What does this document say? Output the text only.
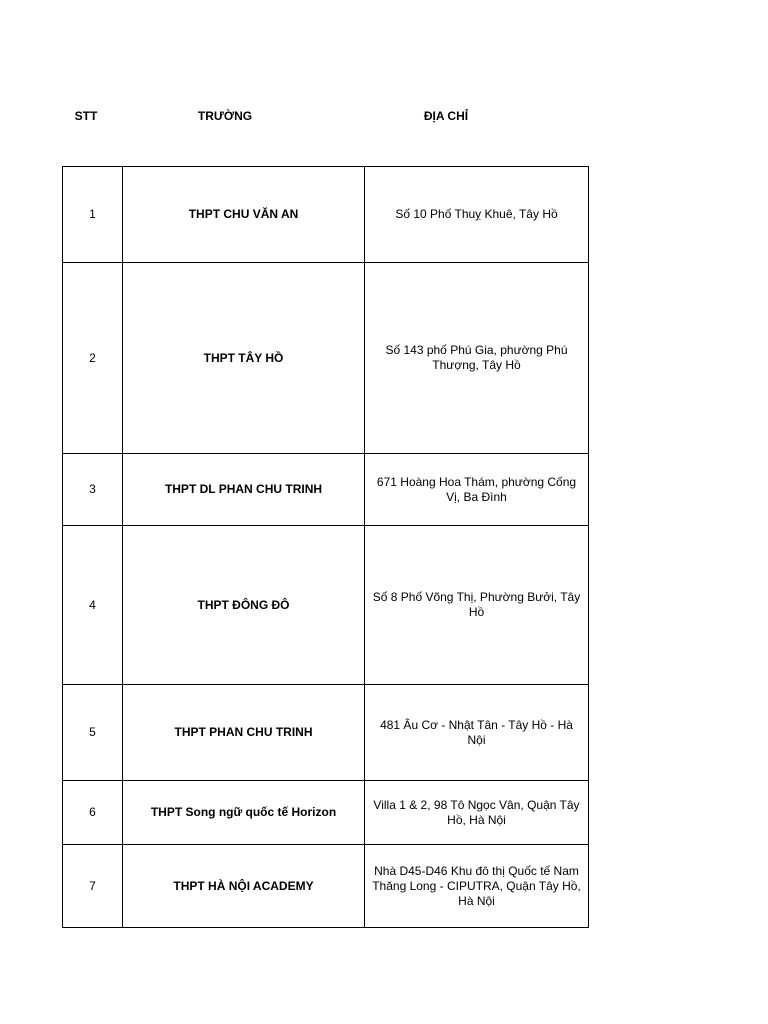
STT	TRƯỜNG	ĐỊA CHỈ
1	THPT CHU VĂN AN	Số 10 Phố Thuỵ Khuê, Tây Hồ
2	THPT TÂY HỒ	Số 143 phố Phú Gia, phường Phú Thượng, Tây Hồ
3	THPT DL PHAN CHU TRINH	671 Hoàng Hoa Thám, phường Cống Vị, Ba Đình
4	THPT ĐÔNG ĐÔ	Số 8 Phố Võng Thị, Phường Bưởi, Tây Hồ
5	THPT PHAN CHU TRINH	481 Âu Cơ - Nhật Tân - Tây Hồ - Hà Nội
6	THPT Song ngữ quốc tế Horizon	Villa 1 & 2, 98 Tô Ngọc Vân, Quận Tây Hồ, Hà Nội
7	THPT HÀ NỘI ACADEMY	Nhà D45-D46 Khu đô thị Quốc tế Nam Thăng Long - CIPUTRA, Quận Tây Hồ, Hà Nội
